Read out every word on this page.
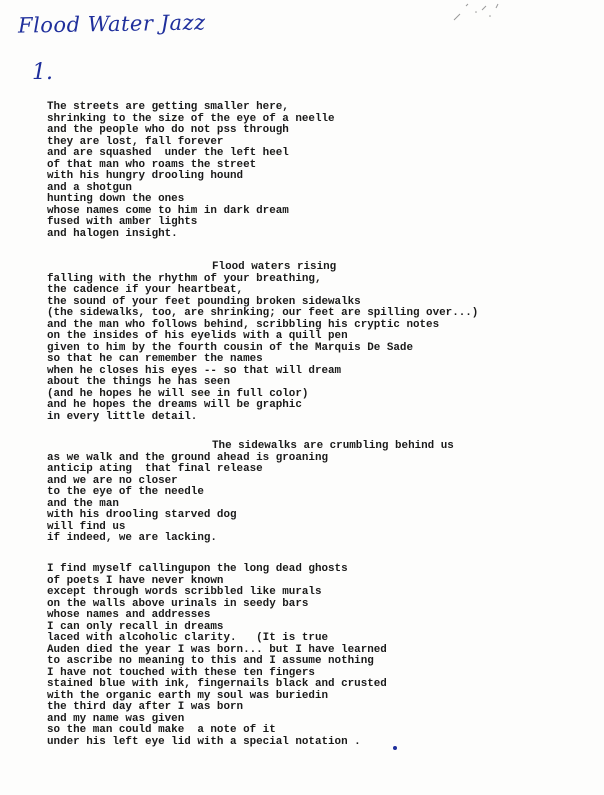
Flood Water Jazz
1.
The streets are getting smaller here,
shrinking to the size of the eye of a neelle
and the people who do not pss through
they are lost, fall forever
and are squashed  under the left heel
of that man who roams the street
with his hungry drooling hound
and a shotgun
hunting down the ones
whose names come to him in dark dream
fused with amber lights
and halogen insight.
Flood waters rising
falling with the rhythm of your breathing,
the cadence if your heartbeat,
the sound of your feet pounding broken sidewalks
(the sidewalks, too, are shrinking; our feet are spilling over...)
and the man who follows behind, scribbling his cryptic notes
on the insides of his eyelids with a quill pen
given to him by the fourth cousin of the Marquis De Sade
so that he can remember the names
when he closes his eyes -- so that will dream
about the things he has seen
(and he hopes he will see in full color)
and he hopes the dreams will be graphic
in every little detail.
The sidewalks are crumbling behind us
as we walk and the ground ahead is groaning
anticip ating  that final release
and we are no closer
to the eye of the needle
and the man
with his drooling starved dog
will find us
if indeed, we are lacking.
I find myself callingupon the long dead ghosts
of poets I have never known
except through words scribbled like murals
on the walls above urinals in seedy bars
whose names and addresses
I can only recall in dreams
laced with alcoholic clarity.   (It is true
Auden died the year I was born... but I have learned
to ascribe no meaning to this and I assume nothing
I have not touched with these ten fingers
stained blue with ink, fingernails black and crusted
with the organic earth my soul was buriedin
the third day after I was born
and my name was given
so the man could make  a note of it
under his left eye lid with a special notation .
